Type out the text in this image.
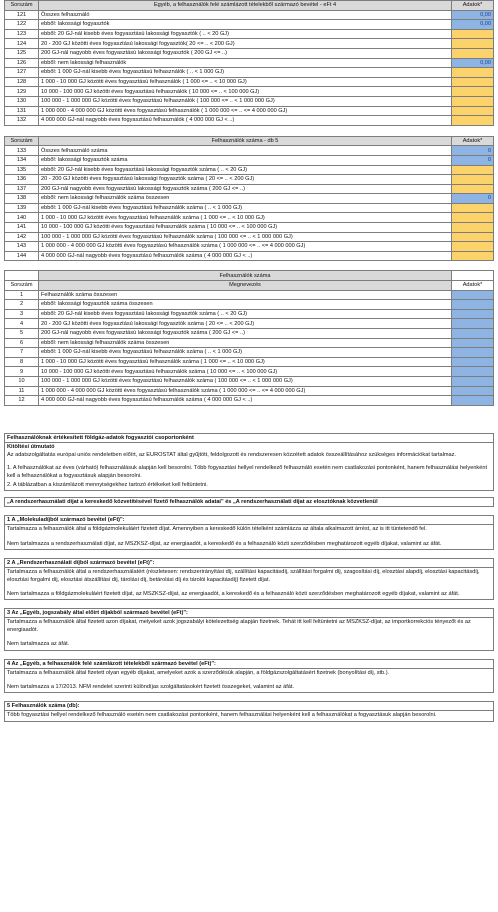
Sorszám	Egyéb, a felhasználók felé számlázott tételekből származó bevétel - eFt 4	Adatok*
121	Összes felhasználó	0,00
122	ebből: lakossági fogyasztók	0,00
123	ebből: 20 GJ-nál kisebb éves fogyasztású lakossági fogyasztók ( .. < 20 GJ)	
124	20 - 200 GJ közötti éves fogyasztású lakossági fogyasztók( 20 <= .. < 200 GJ)	
125	200 GJ-nál nagyobb éves fogyasztású lakossági fogyasztók ( 200 GJ <= ..)	
126	ebből: nem lakossági felhasználók	0,00
127	ebből: 1 000 GJ-nál kisebb éves fogyasztású felhasználók ( .. < 1 000 GJ)	
128	1 000 - 10 000 GJ közötti éves fogyasztású felhasználók ( 1 000 <= .. < 10 000 GJ)	
129	10 000 - 100 000 GJ közötti éves fogyasztású felhasználók ( 10 000 <= .. < 100 000 GJ)	
130	100 000 - 1 000 000 GJ közötti éves fogyasztású felhasználók ( 100 000 <= .. < 1 000 000 GJ)	
131	1 000 000 - 4 000 000 GJ közötti éves fogyasztású felhasználók ( 1 000 000 <= .. <= 4 000 000 GJ)	
132	4 000 000 GJ-nál nagyobb éves fogyasztású felhasználók ( 4 000 000 GJ < ..)	
Sorszám	Felhasználók száma - db 5	Adatok*
133	Összes felhasználó száma	0
134	ebből: lakossági fogyasztók száma	0
135	ebből: 20 GJ-nál kisebb éves fogyasztású lakossági fogyasztók száma ( .. < 20 GJ)	
136	20 - 200 GJ közötti éves fogyasztású lakossági fogyasztók száma ( 20 <= .. < 200 GJ)	
137	200 GJ-nál nagyobb éves fogyasztású lakossági fogyasztók száma ( 200 GJ <= ..)	
138	ebből: nem lakossági felhasználók száma összesen	0
139	ebből: 1 000 GJ-nál kisebb éves fogyasztású felhasználók száma ( .. < 1 000 GJ)	
140	1 000 - 10 000 GJ közötti éves fogyasztású felhasználók száma ( 1 000 <= .. < 10 000 GJ)	
141	10 000 - 100 000 GJ közötti éves fogyasztású felhasználók száma ( 10 000 <= .. < 100 000 GJ)	
142	100 000 - 1 000 000 GJ közötti éves fogyasztású felhasználók száma ( 100 000 <= .. < 1 000 000 GJ)	
143	1 000 000 - 4 000 000 GJ közötti éves fogyasztású felhasználók száma ( 1 000 000 <= .. <= 4 000 000 GJ)	
144	4 000 000 GJ-nál nagyobb éves fogyasztású felhasználók száma ( 4 000 000 GJ < ..)	
	Felhasználók száma	
Sorszám	Megnevezés	Adatok*
1	Felhasználók száma összesen	
2	ebből: lakossági fogyasztók száma összesen	
3	ebből: 20 GJ-nál kisebb éves fogyasztású lakossági fogyasztók száma ( .. < 20 GJ)	
4	20 - 200 GJ közötti éves fogyasztású lakossági fogyasztók száma ( 20 <= .. < 200 GJ)	
5	200 GJ-nál nagyobb éves fogyasztású lakossági fogyasztók száma ( 200 GJ <= ..)	
6	ebből: nem lakossági felhasználók száma összesen	
7	ebből: 1 000 GJ-nál kisebb éves fogyasztású felhasználók száma ( .. < 1 000 GJ)	
8	1 000 - 10 000 GJ közötti éves fogyasztású felhasználók száma ( 1 000 <= .. < 10 000 GJ)	
9	10 000 - 100 000 GJ közötti éves fogyasztású felhasználók száma ( 10 000 <= .. < 100 000 GJ)	
10	100 000 - 1 000 000 GJ közötti éves fogyasztású felhasználók száma ( 100 000 <= .. < 1 000 000 GJ)	
11	1 000 000 - 4 000 000 GJ közötti éves fogyasztású felhasználók száma ( 1 000 000 <= .. <= 4 000 000 GJ)	
12	4 000 000 GJ-nál nagyobb éves fogyasztású felhasználók száma ( 4 000 000 GJ < ..)	
Felhasználóknak értékesített földgáz-adatok fogyasztói csoportonként
Kitöltési útmutató

Az adatszolgáltatás európai uniós rendeletben előírt, az EUROSTAT által gyűjtött, feldolgozott és rendszeresen közzétett adatok összeállításához szükséges információkat tartalmaz.

1. A felhasználókat az éves (várható) felhasználásuk alapján kell besorolni. Több fogyasztási hellyel rendelkező felhasználó esetén nem csatlakozási pontonként, hanem felhasználási helyenként kell a felhasználókat a fogyasztásuk alapján besorolni.

2. A táblázatban a kiszámlázott mennyiségekhez tartozó értékeket kell feltüntetni.

„A rendszerhasználati díjat a kereskedő közvetítésével fizető felhasználók adatai" és „A rendszerhasználati díjat az elosztóknak közvetlenül
1 A „Molekuladíjból származó bevétel (eFt)":

Tartalmazza a felhasználók által a földgázmolekuláért fizetett díjat. Amennyiben a kereskedő külön tételként számlázza az általa alkalmazott árrést, az is itt tüntetendő fel.

Nem tartalmazza a rendszerhasználati díjat, az MSZKSZ-díjat, az energiaadót, a kereskedő és a felhasználó közti szerződésben meghatározott egyéb díjakat, valamint az áfát.

2 A „Rendszerhasználati díjból származó bevétel (eFt)":

Tartalmazza a felhasználók által a rendszerhasználatért (részletesen: rendszerirányítási díj, szállítási kapacitásdíj, szállítási forgalmi díj, szagosítási díj, elosztási alapdíj, elosztási kapacitásdíj, elosztási forgalmi díj, elosztási átszállítási díj, tárolási díj, betárolási díj és tárolói kapacitásdíj) fizetett díjat.

Nem tartalmazza a földgázmolekuláért fizetett díjat, az MSZKSZ-díjat, az energiaadót, a kereskedő és a felhasználó közti szerződésben meghatározott egyéb díjakat, valamint az áfát.

3 Az „Egyéb, jogszabály által előírt díjakból származó bevétel (eFt)":

Tartalmazza a felhasználók által fizetett azon díjakat, melyeket azok jogszabályi kötelezettség alapján fizetnek. Tehát itt kell feltüntetni az MSZKSZ-díjat, az importkorrekciós tényezőt és az energiaadót.

Nem tartalmazza az áfát.

4 Az „Egyéb, a felhasználók felé számlázott tételekből származó bevétel (eFt)":

Tartalmazza a felhasználók által fizetett olyan egyéb díjakat, amelyeket azok a szerződésük alapján, a földgázszolgáltatásért fizetnek (bonyolítási díj, stb.).

Nem tartalmazza a 17/2013. NFM rendelet szerinti különdíjas szolgáltatásokért fizetett összegeket, valamint az áfát.

5 Felhasználók száma (db):

Több fogyasztási hellyel rendelkező felhasználó esetén nem csatlakozási pontonként, hanem felhasználási helyenként kell a felhasználókat a fogyasztásuk alapján besorolni.
